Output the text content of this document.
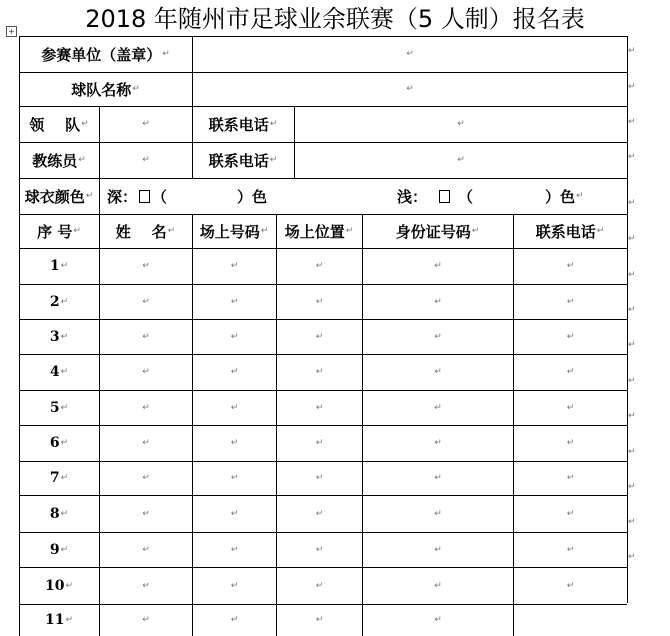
2018 年随州市足球业余联赛（5 人制）报名表
+
参赛单位（盖章） ↵	↵
球队名称 ↵	↵
领    队 ↵	↵	联系电话 ↵	↵
教练员 ↵	↵	联系电话 ↵	↵
球衣颜色 ↵ 深： （	）色	浅： （	）色 ↵
序 号 ↵ 姓    名 ↵ 场上号码 ↵ 场上位置 ↵	身份证号码 ↵	联系电话 ↵
1 ↵	↵	↵	↵	↵	↵
2 ↵	↵	↵	↵	↵	↵
3 ↵	↵	↵	↵	↵	↵
4 ↵	↵	↵	↵	↵	↵
5 ↵	↵	↵	↵	↵	↵
6 ↵	↵	↵	↵	↵	↵
7 ↵	↵	↵	↵	↵	↵
8 ↵	↵	↵	↵	↵	↵
9 ↵	↵	↵	↵	↵	↵
10 ↵	↵	↵	↵	↵	↵
11 ↵	↵	↵	↵	↵
↵
↵
↵
↵
↵
↵
↵
↵
↵
↵
↵
↵
↵
↵
↵
